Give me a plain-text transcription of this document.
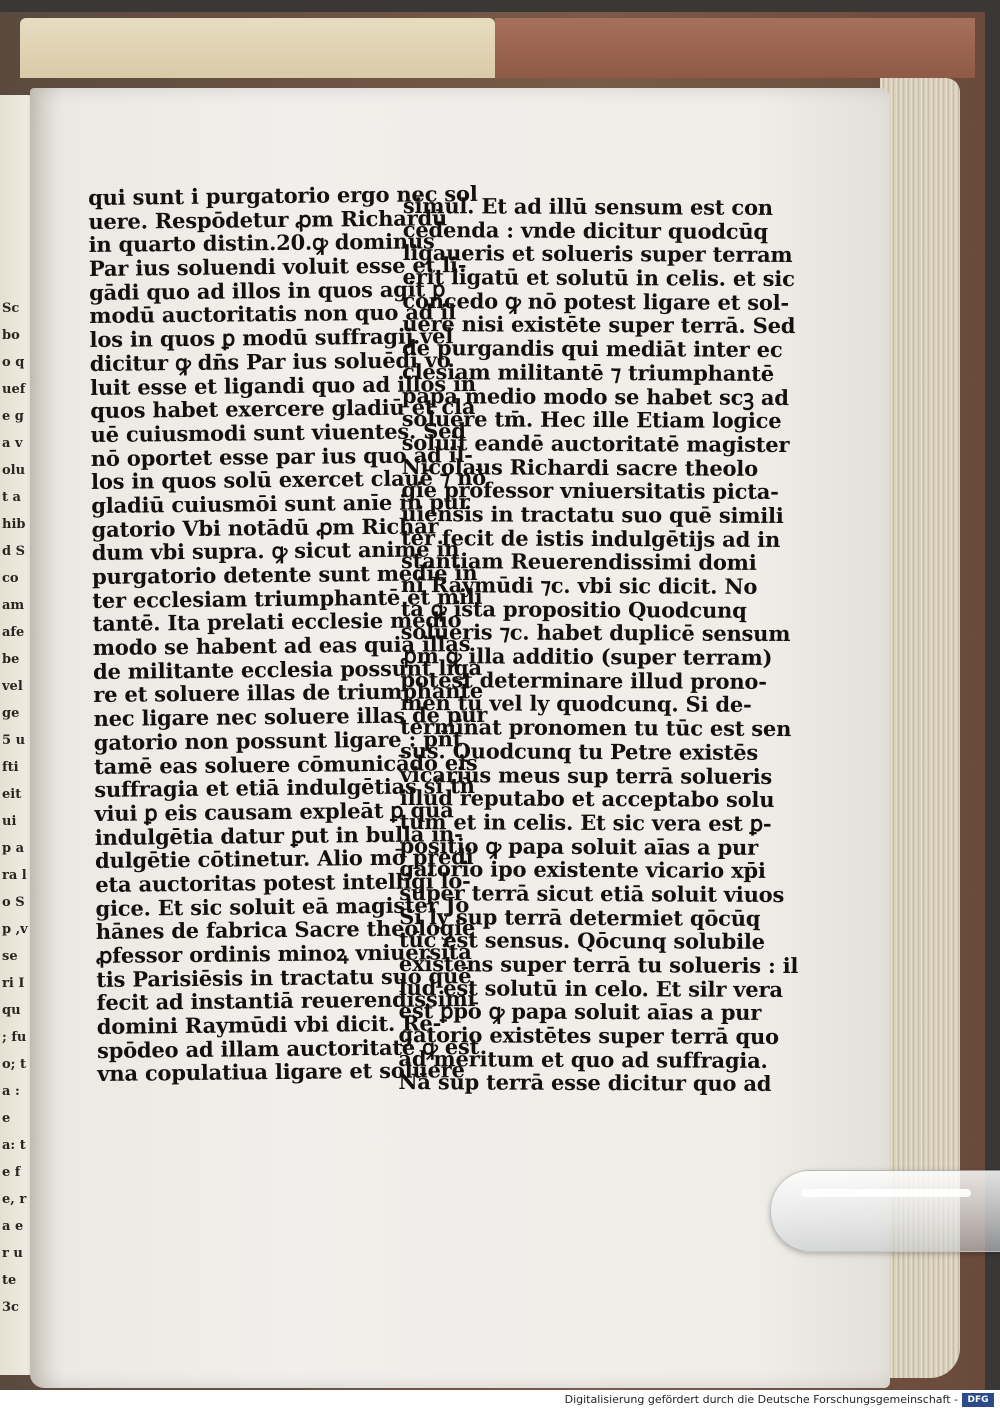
Scbo o quefe ga volut ahib d Sco am afe be vel ge 5 ufti eitui p ara lo Sp ,v se ri Iqu ; fuo; ta :e a: te fe, ra er ute 3c
qui sunt i purgatorio ergo nec sol
uere. Respōdetur ꝓm Richardū
in quarto distin.20.ꝙ dominus
Par ius soluendi voluit esse et li-
gādi quo ad illos in quos agit ꝑ
modū auctoritatis non quo ad il
los in quos ꝑ modū suffragij.vel
dicitur ꝙ dn̄s Par ius soluēdi vo
luit esse et ligandi quo ad illos in
quos habet exercere gladiū et cla
uē cuiusmodi sunt viuentes. Sed
nō oportet esse par ius quo ad il-
los in quos solū exercet clauē ⁊ nō
gladiū cuiusmōi sunt anīe in pur
gatorio Vbi notādū ꝓm Richar
dum vbi supra. ꝙ sicut anime in
purgatorio detente sunt medie in
ter ecclesiam triumphantē et mili
tantē. Ita prelati ecclesie medio
modo se habent ad eas quia illas
de militante ecclesia possunt liga
re et soluere illas de triumphante
nec ligare nec soluere illas de pur
gatorio non possunt ligare : pn̄t
tamē eas soluere cōmunicādo eis
suffragia et etiā indulgētias si tn̄
viui ꝑ eis causam expleāt ꝑ qua
indulgētia datur ꝑut in bulla in-
dulgētie cōtinetur. Alio mō predi
eta auctoritas potest intelligi lo-
gice. Et sic soluit eā magister Jo
hānes de fabrica Sacre theologie
ꝓfessor ordinis minoꝝ vniuersita
tis Parisiēsis in tractatu suo quē
fecit ad instantiā reuerendissimi
domini Raymūdi vbi dicit. Re-
spōdeo ad illam auctoritatē ꝙ est
vna copulatiua ligare et soluere
simul. Et ad illū sensum est con
cedenda : vnde dicitur quodcūq
ligaueris et solueris super terram
erit ligatū et solutū in celis. et sic
concedo ꝙ nō potest ligare et sol-
uere nisi existēte super terrā. Sed
de purgandis qui mediāt inter ec
clesiam militantē ⁊ triumphantē
papa medio modo se habet scꝫ ad
soluere tm̄. Hec ille Etiam logice
soluit eandē auctoritatē magister
Nicolaus Richardi sacre theolo
gie professor vniuersitatis picta-
uiensis in tractatu suo quē simili
ter fecit de istis indulgētijs ad in
stantiam Reuerendissimi domi
ni Raymūdi ⁊c. vbi sic dicit. No
ta ꝙ ista propositio Quodcunq
solueris ⁊c. habet duplicē sensum
ꝓm ꝙ illa additio (super terram)
potest determinare illud prono-
men tu vel ly quodcunq. Si de-
terminat pronomen tu tūc est sen
sus. Quodcunq tu Petre existēs
vicarius meus sup terrā solueris
illud reputabo et acceptabo solu
tum et in celis. Et sic vera est ꝑ-
positio ꝙ papa soluit aīas a pur
gatorio ipo existente vicario xp̄i
super terrā sicut etiā soluit viuos
Si ly sup terrā determiet qōcūq
tūc est sensus. Qōcunq solubile
existens super terrā tu solueris : il
lud est solutū in celo. Et silr vera
est ꝑpō ꝙ papa soluit aīas a pur
gatorio existētes super terrā quo
ad meritum et quo ad suffragia.
Nā sup terrā esse dicitur quo ad
Digitalisierung gefördert durch die Deutsche Forschungsgemeinschaft -	DFG
